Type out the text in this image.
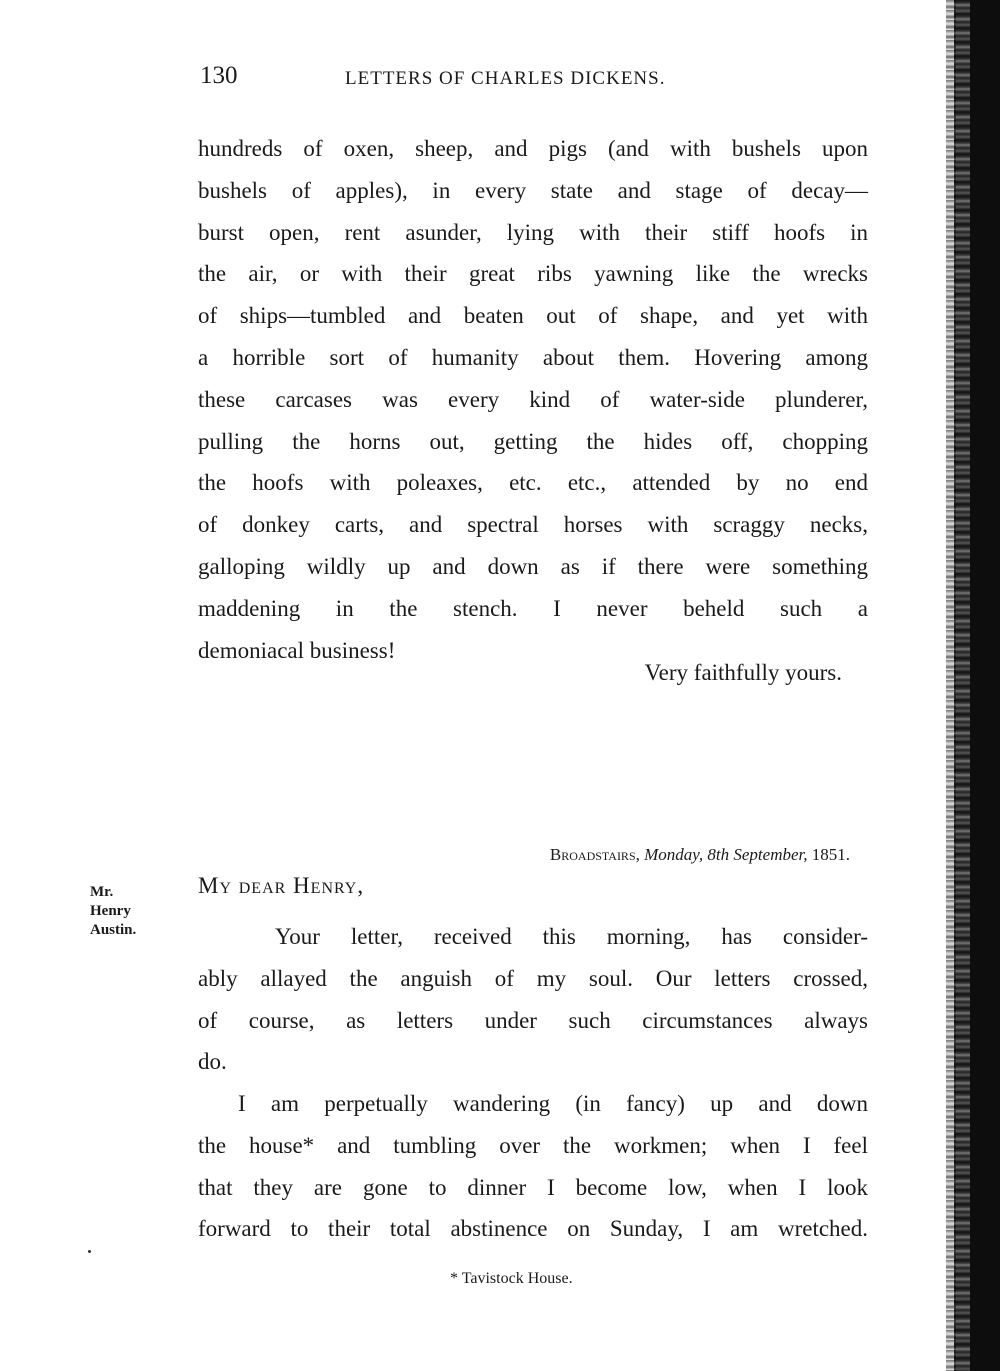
130	LETTERS OF CHARLES DICKENS.
hundreds of oxen, sheep, and pigs (and with bushels upon
bushels of apples), in every state and stage of decay—
burst open, rent asunder, lying with their stiff hoofs in
the air, or with their great ribs yawning like the wrecks
of ships—tumbled and beaten out of shape, and yet with
a horrible sort of humanity about them. Hovering among
these carcases was every kind of water-side plunderer,
pulling the horns out, getting the hides off, chopping
the hoofs with poleaxes, etc. etc., attended by no end
of donkey carts, and spectral horses with scraggy necks,
galloping wildly up and down as if there were something
maddening in the stench. I never beheld such a
demoniacal business!
Very faithfully yours.
Broadstairs, Monday, 8th September, 1851.
Mr.
Henry
Austin.
My dear Henry,
Your letter, received this morning, has consider-
ably allayed the anguish of my soul. Our letters crossed,
of course, as letters under such circumstances always
do.
I am perpetually wandering (in fancy) up and down
the house* and tumbling over the workmen; when I feel
that they are gone to dinner I become low, when I look
forward to their total abstinence on Sunday, I am wretched.
* Tavistock House.
